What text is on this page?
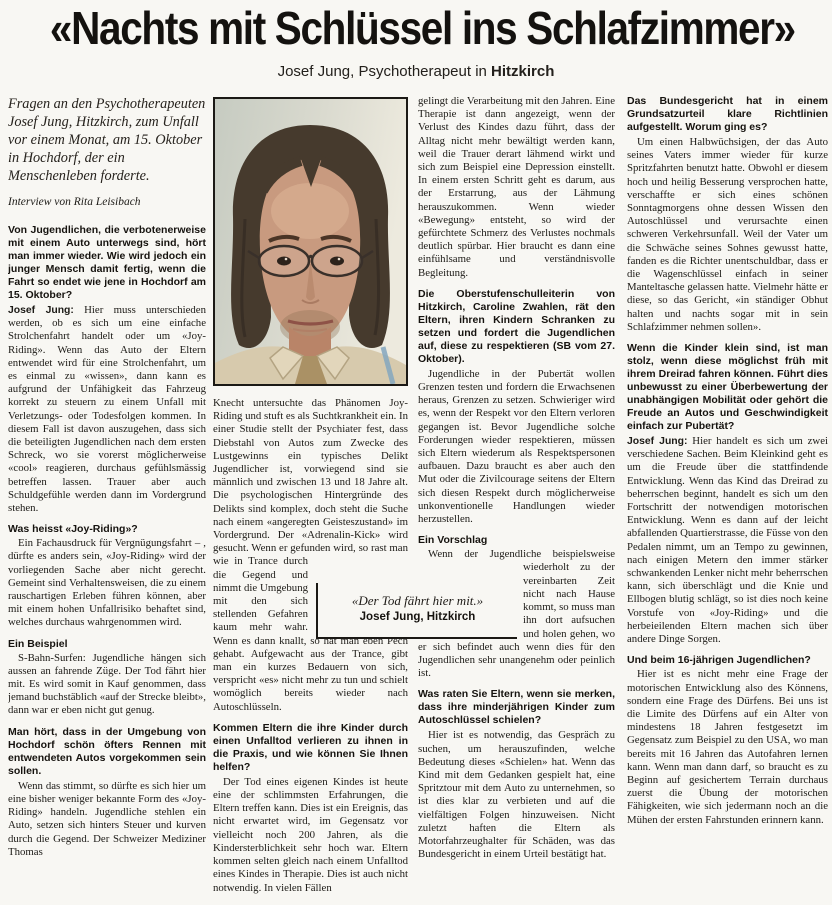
«Nachts mit Schlüssel ins Schlafzimmer»
Josef Jung, Psychotherapeut in Hitzkirch

Fragen an den Psychotherapeuten Josef Jung, Hitzkirch, zum Unfall vor einem Monat, am 15. Oktober in Hochdorf, der ein Menschenleben forderte.

Interview von Rita Leisibach

Von Jugendlichen, die verbotenerweise mit einem Auto unterwegs sind, hört man immer wieder. Wie wird jedoch ein junger Mensch damit fertig, wenn die Fahrt so endet wie jene in Hochdorf am 15. Oktober?

Josef Jung: Hier muss unterschieden werden, ob es sich um eine einfache Strolchenfahrt handelt oder um «Joy-Riding». Wenn das Auto der Eltern entwendet wird für eine Strolchenfahrt, um es einmal zu «wissen», dann kann es aufgrund der Unfähigkeit das Fahrzeug korrekt zu steuern zu einem Unfall mit Verletzungs- oder Todesfolgen kommen. In diesem Fall ist davon auszugehen, dass sich die beteiligten Jugendlichen nach dem ersten Schreck, wo sie vorerst möglicherweise «cool» reagieren, durchaus gefühlsmässig betreffen lassen. Trauer aber auch Schuldgefühle werden dann im Vordergrund stehen.

Was heisst «Joy-Riding»?

Ein Fachausdruck für Vergnügungsfahrt – , dürfte es anders sein, «Joy-Riding» wird der vorliegenden Sache aber nicht gerecht. Gemeint sind Verhaltensweisen, die zu einem rauschartigen Erleben führen können, aber mit einem hohen Unfallrisiko behaftet sind, welches durchaus wahrgenommen wird.

Ein Beispiel

S-Bahn-Surfen: Jugendliche hängen sich aussen an fahrende Züge. Der Tod fährt hier mit. Es wird somit in Kauf genommen, dass jemand buchstäblich «auf der Strecke bleibt», dann war er eben nicht gut genug.

Man hört, dass in der Umgebung von Hochdorf schön öfters Rennen mit entwendeten Autos vorgekommen sein sollen.

Wenn das stimmt, so dürfte es sich hier um eine bisher weniger bekannte Form des «Joy-Riding» handeln. Jugendliche stehlen ein Auto, setzen sich hinters Steuer und kurven durch die Gegend. Der Schweizer Mediziner Thomas

Knecht untersuchte das Phänomen Joy-Riding und stuft es als Suchtkrankheit ein. In einer Studie stellt der Psychiater fest, dass Diebstahl von Autos zum Zwecke des Lustgewinns ein typisches Delikt Jugendlicher ist, vorwiegend sind sie männlich und zwischen 13 und 18 Jahre alt. Die psychologischen Hintergründe des Delikts sind komplex, doch steht die Suche nach einem «angeregten Geisteszustand» im Vordergrund. Der «Adrenalin-Kick» wird gesucht. Wenn er gefunden wird, so rast man wie in Trance durch die Gegend und nimmt die Umgebung mit den sich stellenden Gefahren kaum mehr wahr. Wenn es dann knallt, so hat man eben Pech gehabt. Aufgewacht aus der Trance, gibt man ein kurzes Bedauern von sich, verspricht «es» nicht mehr zu tun und schielt womöglich bereits wieder nach Autoschlüsseln.

Kommen Eltern die ihre Kinder durch einen Unfalltod verlieren zu ihnen in die Praxis, und wie können Sie Ihnen helfen?

Der Tod eines eigenen Kindes ist heute eine der schlimmsten Erfahrungen, die Eltern treffen kann. Dies ist ein Ereignis, das nicht erwartet wird, im Gegensatz vor vielleicht noch 200 Jahren, als die Kindersterblichkeit sehr hoch war. Eltern kommen selten gleich nach einem Unfalltod eines Kindes in Therapie. Dies ist auch nicht notwendig. In vielen Fällen

gelingt die Verarbeitung mit den Jahren. Eine Therapie ist dann angezeigt, wenn der Verlust des Kindes dazu führt, dass der Alltag nicht mehr bewältigt werden kann, weil die Trauer derart lähmend wirkt und sich zum Beispiel eine Depression einstellt. In einem ersten Schritt geht es darum, aus der Erstarrung, aus der Lähmung herauszukommen. Wenn wieder «Bewegung» entsteht, so wird der gefürchtete Schmerz des Verlustes nochmals deutlich spürbar. Hier braucht es dann eine einfühlsame und verständnisvolle Begleitung.

Die Oberstufenschulleiterin von Hitzkirch, Caroline Zwahlen, rät den Eltern, ihren Kindern Schranken zu setzen und fordert die Jugendlichen auf, diese zu respektieren (SB vom 27. Oktober).

Jugendliche in der Pubertät wollen Grenzen testen und fordern die Erwachsenen heraus, Grenzen zu setzen. Schwieriger wird es, wenn der Respekt vor den Eltern verloren gegangen ist. Bevor Jugendliche solche Forderungen wieder respektieren, müssen sich Eltern wiederum als Respektspersonen aufbauen. Dazu braucht es aber auch den Mut oder die Zivilcourage seitens der Eltern sich diesen Respekt durch möglicherweise unkonventionelle Handlungen wieder herzustellen.

Ein Vorschlag

Wenn der Jugendliche beispielsweise
wiederholt zu der vereinbarten Zeit nicht nach Hause kommt, so muss man ihn dort aufsuchen und holen gehen, wo er sich befindet auch wenn dies für den Jugendlichen sehr unangenehm oder peinlich ist.

Was raten Sie Eltern, wenn sie merken, dass ihre minderjährigen Kinder zum Autoschlüssel schielen?

Hier ist es notwendig, das Gespräch zu suchen, um herauszufinden, welche Bedeutung dieses «Schielen» hat. Wenn das Kind mit dem Gedanken gespielt hat, eine Spritztour mit dem Auto zu unternehmen, so ist dies klar zu verbieten und auf die vielfältigen Folgen hinzuweisen. Nicht zuletzt haften die Eltern als Motorfahrzeughalter für Schäden, was das Bundesgericht in einem Urteil bestätigt hat.

Das Bundesgericht hat in einem Grundsatzurteil klare Richtlinien aufgestellt. Worum ging es?

Um einen Halbwüchsigen, der das Auto seines Vaters immer wieder für kurze Spritzfahrten benutzt hatte. Obwohl er diesem hoch und heilig Besserung versprochen hatte, verschaffte er sich eines schönen Sonntagmorgens ohne dessen Wissen den Autoschlüssel und verursachte einen schweren Verkehrsunfall. Weil der Vater um die Schwäche seines Sohnes gewusst hatte, fanden es die Richter unentschuldbar, dass er die Wagenschlüssel einfach in seiner Manteltasche gelassen hatte. Vielmehr hätte er diese, so das Gericht, «in ständiger Obhut halten und nachts sogar mit in sein Schlafzimmer nehmen sollen».

Wenn die Kinder klein sind, ist man stolz, wenn diese möglichst früh mit ihrem Dreirad fahren können. Führt dies unbewusst zu einer Überbewertung der unabhängigen Mobilität oder gehört die Freude an Autos und Geschwindigkeit einfach zur Pubertät?

Josef Jung: Hier handelt es sich um zwei verschiedene Sachen. Beim Kleinkind geht es um die Freude über die stattfindende Entwicklung. Wenn das Kind das Dreirad zu beherrschen beginnt, handelt es sich um den Fortschritt der notwendigen motorischen Entwicklung. Wenn es dann auf der leicht abfallenden Quartierstrasse, die Füsse von den Pedalen nimmt, um an Tempo zu gewinnen, nach einigen Metern den immer stärker schwankenden Lenker nicht mehr beherrschen kann, sich überschlägt und die Knie und Ellbogen blutig schlägt, so ist dies noch keine Vorstufe von «Joy-Riding» und die herbeieilenden Eltern machen sich über andere Dinge Sorgen.

Und beim 16-jährigen Jugendlichen?

Hier ist es nicht mehr eine Frage der motorischen Entwicklung also des Könnens, sondern eine Frage des Dürfens. Bei uns ist die Limite des Dürfens auf ein Alter von mindestens 18 Jahren festgesetzt im Gegensatz zum Beispiel zu den USA, wo man bereits mit 16 Jahren das Autofahren lernen kann. Wenn man dann darf, so braucht es zu Beginn auf gesichertem Terrain durchaus zuerst die Übung der motorischen Fähigkeiten, wie sich jedermann noch an die Mühen der ersten Fahrstunden erinnern kann.

«Der Tod fährt hier mit.»
Josef Jung, Hitzkirch
